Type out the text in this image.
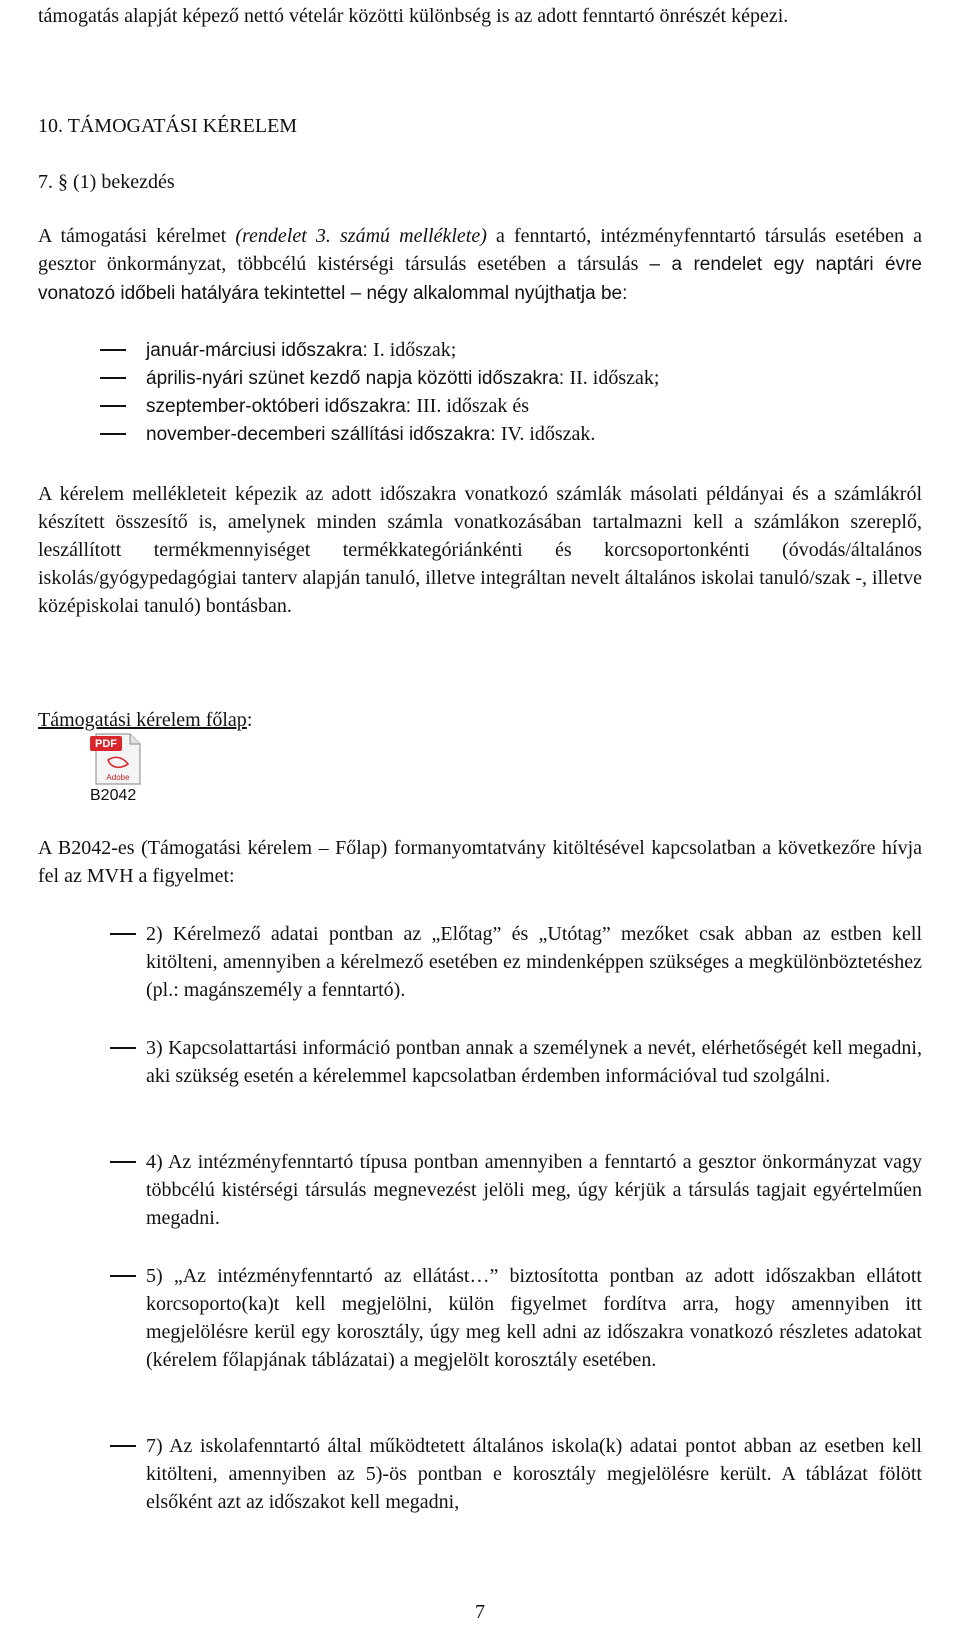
támogatás alapját képező nettó vételár közötti különbség is az adott fenntartó önrészét képezi.

10. TÁMOGATÁSI KÉRELEM

7. § (1) bekezdés

A támogatási kérelmet (rendelet 3. számú melléklete) a fenntartó, intézményfenntartó társulás esetében a gesztor önkormányzat, többcélú kistérségi társulás esetében a társulás – a rendelet egy naptári évre vonatozó időbeli hatályára tekintettel – négy alkalommal nyújthatja be:

január-márciusi időszakra: I. időszak;
április-nyári szünet kezdő napja közötti időszakra: II. időszak;
szeptember-októberi időszakra: III. időszak és
november-decemberi szállítási időszakra: IV. időszak.

A kérelem mellékleteit képezik az adott időszakra vonatkozó számlák másolati példányai és a számlákról készített összesítő is, amelynek minden számla vonatkozásában tartalmazni kell a számlákon szereplő, leszállított termékmennyiséget termékkategóriánkénti és korcsoportonkénti (óvodás/általános iskolás/gyógypedagógiai tanterv alapján tanuló, illetve integráltan nevelt általános iskolai tanuló/szak -, illetve középiskolai tanuló) bontásban.

Támogatási kérelem főlap:

PDF
Adobe
B2042

A B2042-es (Támogatási kérelem – Főlap) formanyomtatvány kitöltésével kapcsolatban a következőre hívja fel az MVH a figyelmet:

2) Kérelmező adatai pontban az „Előtag” és „Utótag” mezőket csak abban az estben kell kitölteni, amennyiben a kérelmező esetében ez mindenképpen szükséges a megkülönböztetéshez (pl.: magánszemély a fenntartó).

3) Kapcsolattartási információ pontban annak a személynek a nevét, elérhetőségét kell megadni, aki szükség esetén a kérelemmel kapcsolatban érdemben információval tud szolgálni.

4) Az intézményfenntartó típusa pontban amennyiben a fenntartó a gesztor önkormányzat vagy többcélú kistérségi társulás megnevezést jelöli meg, úgy kérjük a társulás tagjait egyértelműen megadni.

5) „Az intézményfenntartó az ellátást…” biztosította pontban az adott időszakban ellátott korcsoporto(ka)t kell megjelölni, külön figyelmet fordítva arra, hogy amennyiben itt megjelölésre kerül egy korosztály, úgy meg kell adni az időszakra vonatkozó részletes adatokat (kérelem főlapjának táblázatai) a megjelölt korosztály esetében.

7) Az iskolafenntartó által működtetett általános iskola(k) adatai pontot abban az esetben kell kitölteni, amennyiben az 5)-ös pontban e korosztály megjelölésre került. A táblázat fölött elsőként azt az időszakot kell megadni,

7
